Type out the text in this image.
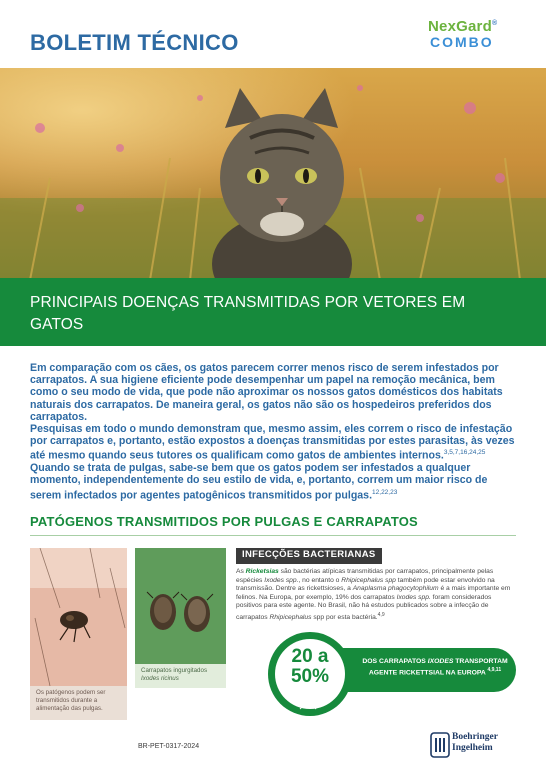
BOLETIM TÉCNICO
NexGard®
COMBO
PRINCIPAIS DOENÇAS TRANSMITIDAS POR VETORES EM GATOS

Em comparação com os cães, os gatos parecem correr menos risco de serem infestados por carrapatos. A sua higiene eficiente pode desempenhar um papel na remoção mecânica, bem como o seu modo de vida, que pode não aproximar os nossos gatos domésticos dos habitats naturais dos carrapatos. De maneira geral, os gatos não são os hospedeiros preferidos dos carrapatos.

Pesquisas em todo o mundo demonstram que, mesmo assim, eles correm o risco de infestação por carrapatos e, portanto, estão expostos a doenças transmitidas por estes parasitas, às vezes até mesmo quando seus tutores os qualificam como gatos de ambientes internos.$^{3,5,7,16,24,25}$

Quando se trata de pulgas, sabe-se bem que os gatos podem ser infestados a qualquer momento, independentemente do seu estilo de vida, e, portanto, correm um maior risco de serem infectados por agentes patogênicos transmitidos por pulgas.$^{12,22,23}$

PATÓGENOS TRANSMITIDOS POR PULGAS E CARRAPATOS
Os patógenos podem ser transmitidos durante a alimentação das pulgas.
Carrapatos ingurgitados
Ixodes ricinus
INFECÇÕES BACTERIANAS
As Ricketsias são bactérias atípicas transmitidas por carrapatos, principalmente pelas espécies Ixodes spp., no entanto o Rhipicephalus spp também pode estar envolvido na transmissão. Dentre as rickettsioses, a Anaplasma phagocytophilum é a mais importante em felinos. Na Europa, por exemplo, 19% dos carrapatos Ixodes spp. foram considerados positivos para este agente. No Brasil, não há estudos publicados sobre a infecção de carrapatos Rhipicephalus spp por esta bactéria.$^{4,9}$
20 a
50%
DOS CARRAPATOS IXODES TRANSPORTAM AGENTE RICKETTSIAL NA EUROPA $^{4,9,11}$
BR-PET-0317-2024
Boehringer
Ingelheim
